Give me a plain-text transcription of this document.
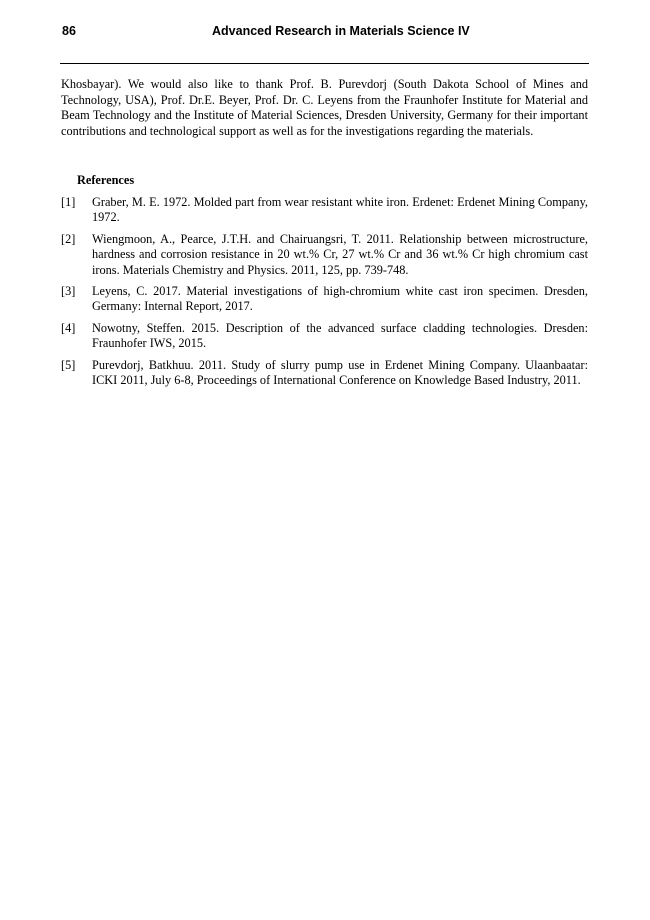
86	Advanced Research in Materials Science IV

Khosbayar). We would also like to thank Prof. B. Purevdorj (South Dakota School of Mines and Technology, USA), Prof. Dr.E. Beyer, Prof. Dr. C. Leyens from the Fraunhofer Institute for Material and Beam Technology and the Institute of Material Sciences, Dresden University, Germany for their important contributions and technological support as well as for the investigations regarding the materials.

References
[1] Graber, M. E. 1972. Molded part from wear resistant white iron. Erdenet: Erdenet Mining Company, 1972.
[2] Wiengmoon, A., Pearce, J.T.H. and Chairuangsri, T. 2011. Relationship between microstructure, hardness and corrosion resistance in 20 wt.% Cr, 27 wt.% Cr and 36 wt.% Cr high chromium cast irons. Materials Chemistry and Physics. 2011, 125, pp. 739-748.
[3] Leyens, C. 2017. Material investigations of high-chromium white cast iron specimen. Dresden, Germany: Internal Report, 2017.
[4] Nowotny, Steffen. 2015. Description of the advanced surface cladding technologies. Dresden: Fraunhofer IWS, 2015.
[5] Purevdorj, Batkhuu. 2011. Study of slurry pump use in Erdenet Mining Company. Ulaanbaatar: ICKI 2011, July 6-8, Proceedings of International Conference on Knowledge Based Industry, 2011.
